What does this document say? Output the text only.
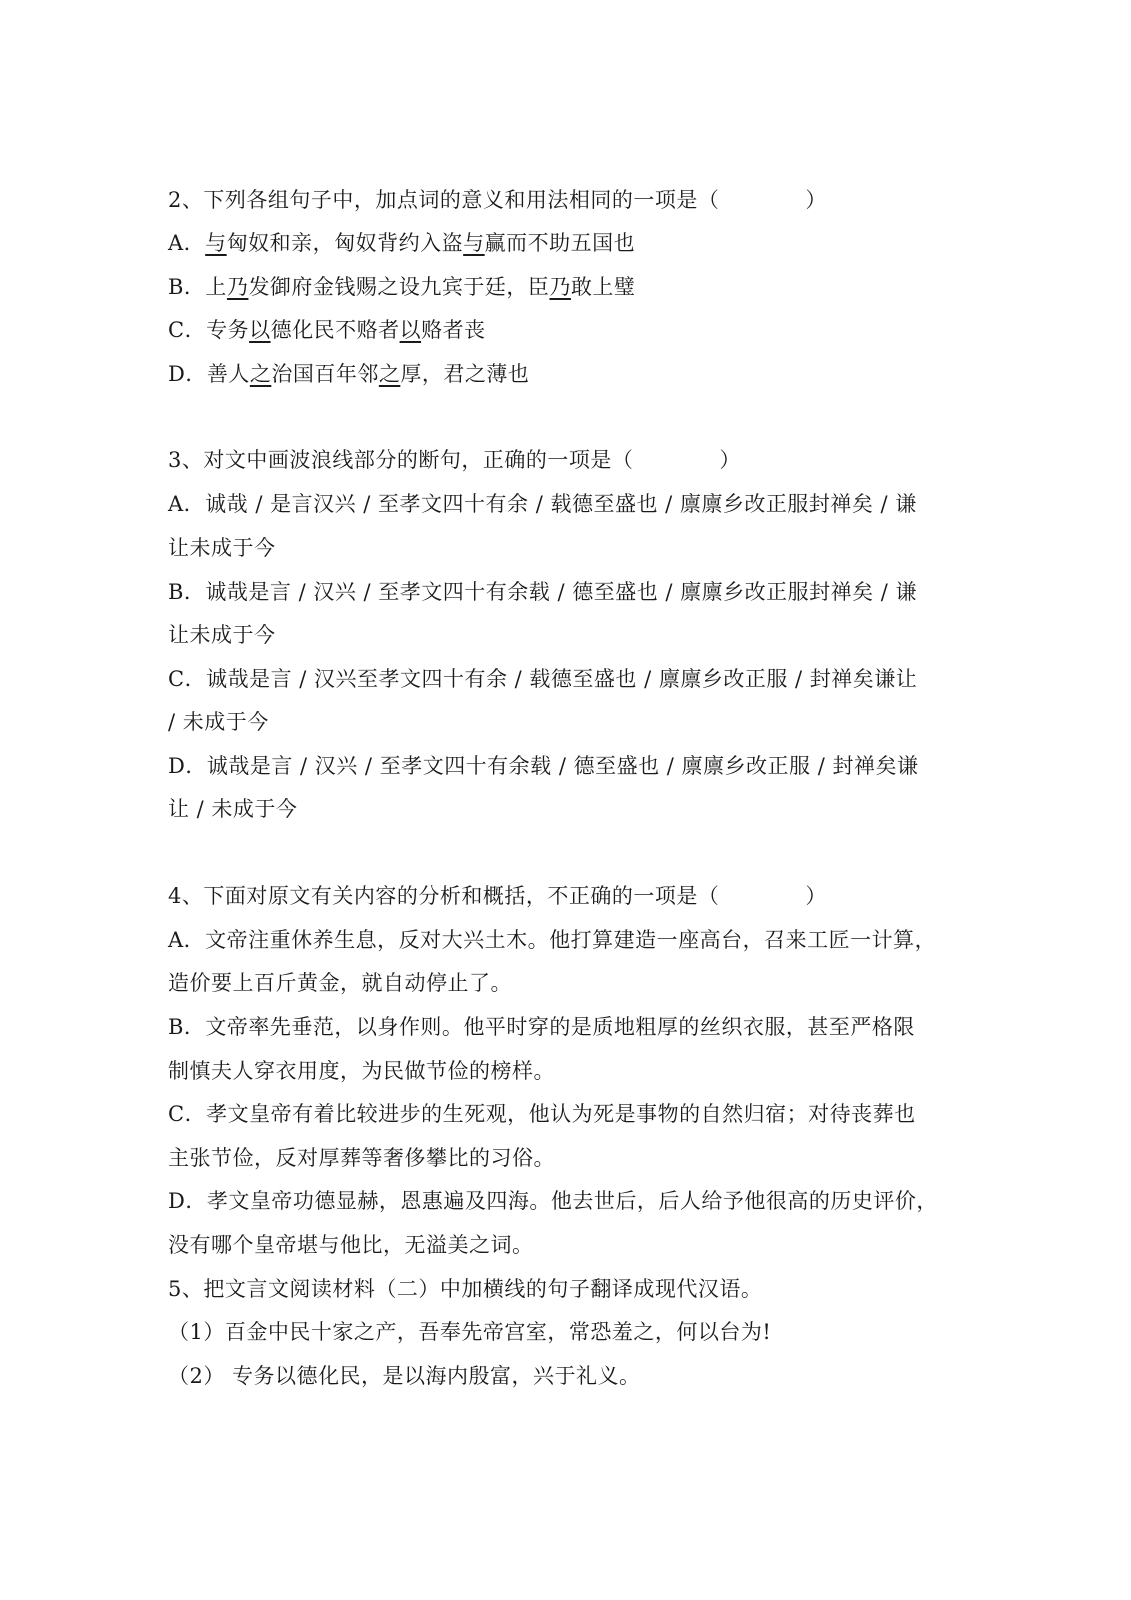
2、下列各组句子中，加点词的意义和用法相同的一项是（　　　　）
A．与匈奴和亲，匈奴背约入盗与赢而不助五国也
B．上乃发御府金钱赐之设九宾于廷，臣乃敢上璧
C．专务以德化民不赂者以赂者丧
D．善人之治国百年邻之厚，君之薄也
3、对文中画波浪线部分的断句，正确的一项是（　　　　）
A．诚哉 / 是言汉兴 / 至孝文四十有余 / 载德至盛也 / 廪廪乡改正服封禅矣 / 谦
让未成于今
B．诚哉是言 / 汉兴 / 至孝文四十有余载 / 德至盛也 / 廪廪乡改正服封禅矣 / 谦
让未成于今
C．诚哉是言 / 汉兴至孝文四十有余 / 载德至盛也 / 廪廪乡改正服 / 封禅矣谦让
/ 未成于今
D．诚哉是言 / 汉兴 / 至孝文四十有余载 / 德至盛也 / 廪廪乡改正服 / 封禅矣谦
让 / 未成于今
4、下面对原文有关内容的分析和概括，不正确的一项是（　　　　）
A．文帝注重休养生息，反对大兴土木。他打算建造一座高台，召来工匠一计算，
造价要上百斤黄金，就自动停止了。
B．文帝率先垂范，以身作则。他平时穿的是质地粗厚的丝织衣服，甚至严格限
制慎夫人穿衣用度，为民做节俭的榜样。
C．孝文皇帝有着比较进步的生死观，他认为死是事物的自然归宿；对待丧葬也
主张节俭，反对厚葬等奢侈攀比的习俗。
D．孝文皇帝功德显赫，恩惠遍及四海。他去世后，后人给予他很高的历史评价，
没有哪个皇帝堪与他比，无溢美之词。
5、把文言文阅读材料（二）中加横线的句子翻译成现代汉语。
（1）百金中民十家之产，吾奉先帝宫室，常恐羞之，何以台为!
（2） 专务以德化民，是以海内殷富，兴于礼义。
